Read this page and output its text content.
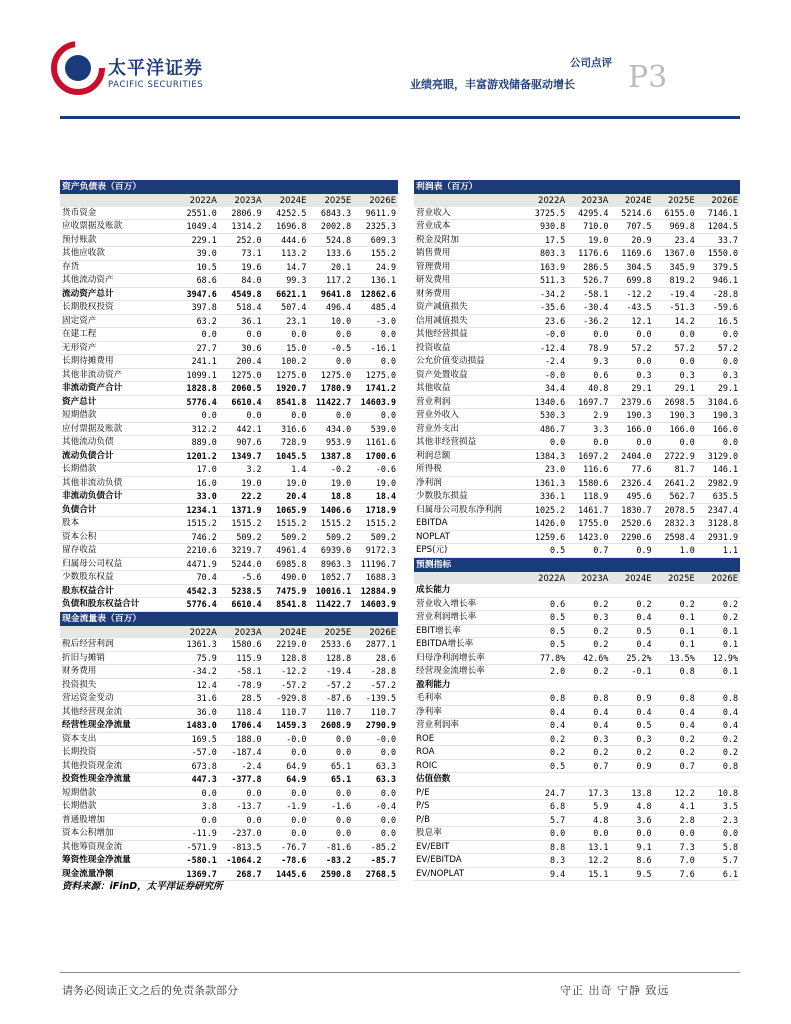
太平洋证券
PACIFIC SECURITIES
公司点评
业绩亮眼，丰富游戏储备驱动增长 P3
资产负债表（百万）					
	2022A	2023A	2024E	2025E	2026E
货币资金	2551.0	2806.9	4252.5	6843.3	9611.9
应收票据及账款	1049.4	1314.2	1696.8	2002.8	2325.3
预付账款	229.1	252.0	444.6	524.8	609.3
其他应收款	39.0	73.1	113.2	133.6	155.2
存货	10.5	19.6	14.7	20.1	24.9
其他流动资产	68.6	84.0	99.3	117.2	136.1
流动资产总计	3947.6	4549.8	6621.1	9641.8	12862.6
长期股权投资	397.8	518.4	507.4	496.4	485.4
固定资产	63.2	36.1	23.1	10.0	-3.0
在建工程	0.0	0.0	0.0	0.0	0.0
无形资产	27.7	30.6	15.0	-0.5	-16.1
长期待摊费用	241.1	200.4	100.2	0.0	0.0
其他非流动资产	1099.1	1275.0	1275.0	1275.0	1275.0
非流动资产合计	1828.8	2060.5	1920.7	1780.9	1741.2
资产总计	5776.4	6610.4	8541.8	11422.7	14603.9
短期借款	0.0	0.0	0.0	0.0	0.0
应付票据及账款	312.2	442.1	316.6	434.0	539.0
其他流动负债	889.0	907.6	728.9	953.9	1161.6
流动负债合计	1201.2	1349.7	1045.5	1387.8	1700.6
长期借款	17.0	3.2	1.4	-0.2	-0.6
其他非流动负债	16.0	19.0	19.0	19.0	19.0
非流动负债合计	33.0	22.2	20.4	18.8	18.4
负债合计	1234.1	1371.9	1065.9	1406.6	1718.9
股本	1515.2	1515.2	1515.2	1515.2	1515.2
资本公积	746.2	509.2	509.2	509.2	509.2
留存收益	2210.6	3219.7	4961.4	6939.0	9172.3
归属母公司权益	4471.9	5244.0	6985.8	8963.3	11196.7
少数股东权益	70.4	-5.6	490.0	1052.7	1688.3
股东权益合计	4542.3	5238.5	7475.9	10016.1	12884.9
负债和股东权益合计	5776.4	6610.4	8541.8	11422.7	14603.9
现金流量表（百万）					
	2022A	2023A	2024E	2025E	2026E
税后经营利润	1361.3	1580.6	2219.0	2533.6	2877.1
折旧与摊销	75.9	115.9	128.8	128.8	28.6
财务费用	-34.2	-58.1	-12.2	-19.4	-28.8
投资损失	12.4	-78.9	-57.2	-57.2	-57.2
营运资金变动	31.6	28.5	-929.8	-87.6	-139.5
其他经营现金流	36.0	118.4	110.7	110.7	110.7
经营性现金净流量	1483.0	1706.4	1459.3	2608.9	2790.9
资本支出	169.5	188.0	-0.0	0.0	-0.0
长期投资	-57.0	-187.4	0.0	0.0	0.0
其他投资现金流	673.8	-2.4	64.9	65.1	63.3
投资性现金净流量	447.3	-377.8	64.9	65.1	63.3
短期借款	0.0	0.0	0.0	0.0	0.0
长期借款	3.8	-13.7	-1.9	-1.6	-0.4
普通股增加	0.0	0.0	0.0	0.0	0.0
资本公积增加	-11.9	-237.0	0.0	0.0	0.0
其他筹资现金流	-571.9	-813.5	-76.7	-81.6	-85.2
筹资性现金净流量	-580.1	-1064.2	-78.6	-83.2	-85.7
现金流量净额	1369.7	268.7	1445.6	2590.8	2768.5
利润表（百万）					
	2022A	2023A	2024E	2025E	2026E
营业收入	3725.5	4295.4	5214.6	6155.0	7146.1
营业成本	930.8	710.0	707.5	969.8	1204.5
税金及附加	17.5	19.0	20.9	23.4	33.7
销售费用	803.3	1176.6	1169.6	1367.0	1550.0
管理费用	163.9	286.5	304.5	345.9	379.5
研发费用	511.3	526.7	699.8	819.2	946.1
财务费用	-34.2	-58.1	-12.2	-19.4	-28.8
资产减值损失	-35.6	-30.4	-43.5	-51.3	-59.6
信用减值损失	23.6	-36.2	12.1	14.2	16.5
其他经营损益	-0.0	0.0	0.0	0.0	0.0
投资收益	-12.4	78.9	57.2	57.2	57.2
公允价值变动损益	-2.4	9.3	0.0	0.0	0.0
资产处置收益	-0.0	0.6	0.3	0.3	0.3
其他收益	34.4	40.8	29.1	29.1	29.1
营业利润	1340.6	1697.7	2379.6	2698.5	3104.6
营业外收入	530.3	2.9	190.3	190.3	190.3
营业外支出	486.7	3.3	166.0	166.0	166.0
其他非经营损益	0.0	0.0	0.0	0.0	0.0
利润总额	1384.3	1697.2	2404.0	2722.9	3129.0
所得税	23.0	116.6	77.6	81.7	146.1
净利润	1361.3	1580.6	2326.4	2641.2	2982.9
少数股东损益	336.1	118.9	495.6	562.7	635.5
归属母公司股东净利润	1025.2	1461.7	1830.7	2078.5	2347.4
EBITDA	1426.0	1755.0	2520.6	2832.3	3128.8
NOPLAT	1259.6	1423.0	2290.6	2598.4	2931.9
EPS(元)	0.5	0.7	0.9	1.0	1.1
预测指标					
	2022A	2023A	2024E	2025E	2026E
成长能力					
营业收入增长率	0.6	0.2	0.2	0.2	0.2
营业利润增长率	0.5	0.3	0.4	0.1	0.2
EBIT增长率	0.5	0.2	0.5	0.1	0.1
EBITDA增长率	0.5	0.2	0.4	0.1	0.1
归母净利润增长率	77.8%	42.6%	25.2%	13.5%	12.9%
经营现金流增长率	2.0	0.2	-0.1	0.8	0.1
盈利能力					
毛利率	0.8	0.8	0.9	0.8	0.8
净利率	0.4	0.4	0.4	0.4	0.4
营业利润率	0.4	0.4	0.5	0.4	0.4
ROE	0.2	0.3	0.3	0.2	0.2
ROA	0.2	0.2	0.2	0.2	0.2
ROIC	0.5	0.7	0.9	0.7	0.8
估值倍数					
P/E	24.7	17.3	13.8	12.2	10.8
P/S	6.8	5.9	4.8	4.1	3.5
P/B	5.7	4.8	3.6	2.8	2.3
股息率	0.0	0.0	0.0	0.0	0.0
EV/EBIT	8.8	13.1	9.1	7.3	5.8
EV/EBITDA	8.3	12.2	8.6	7.0	5.7
EV/NOPLAT	9.4	15.1	9.5	7.6	6.1
资料来源：iFinD，太平洋证券研究所
请务必阅读正文之后的免责条款部分	守正 出奇 宁静 致远
